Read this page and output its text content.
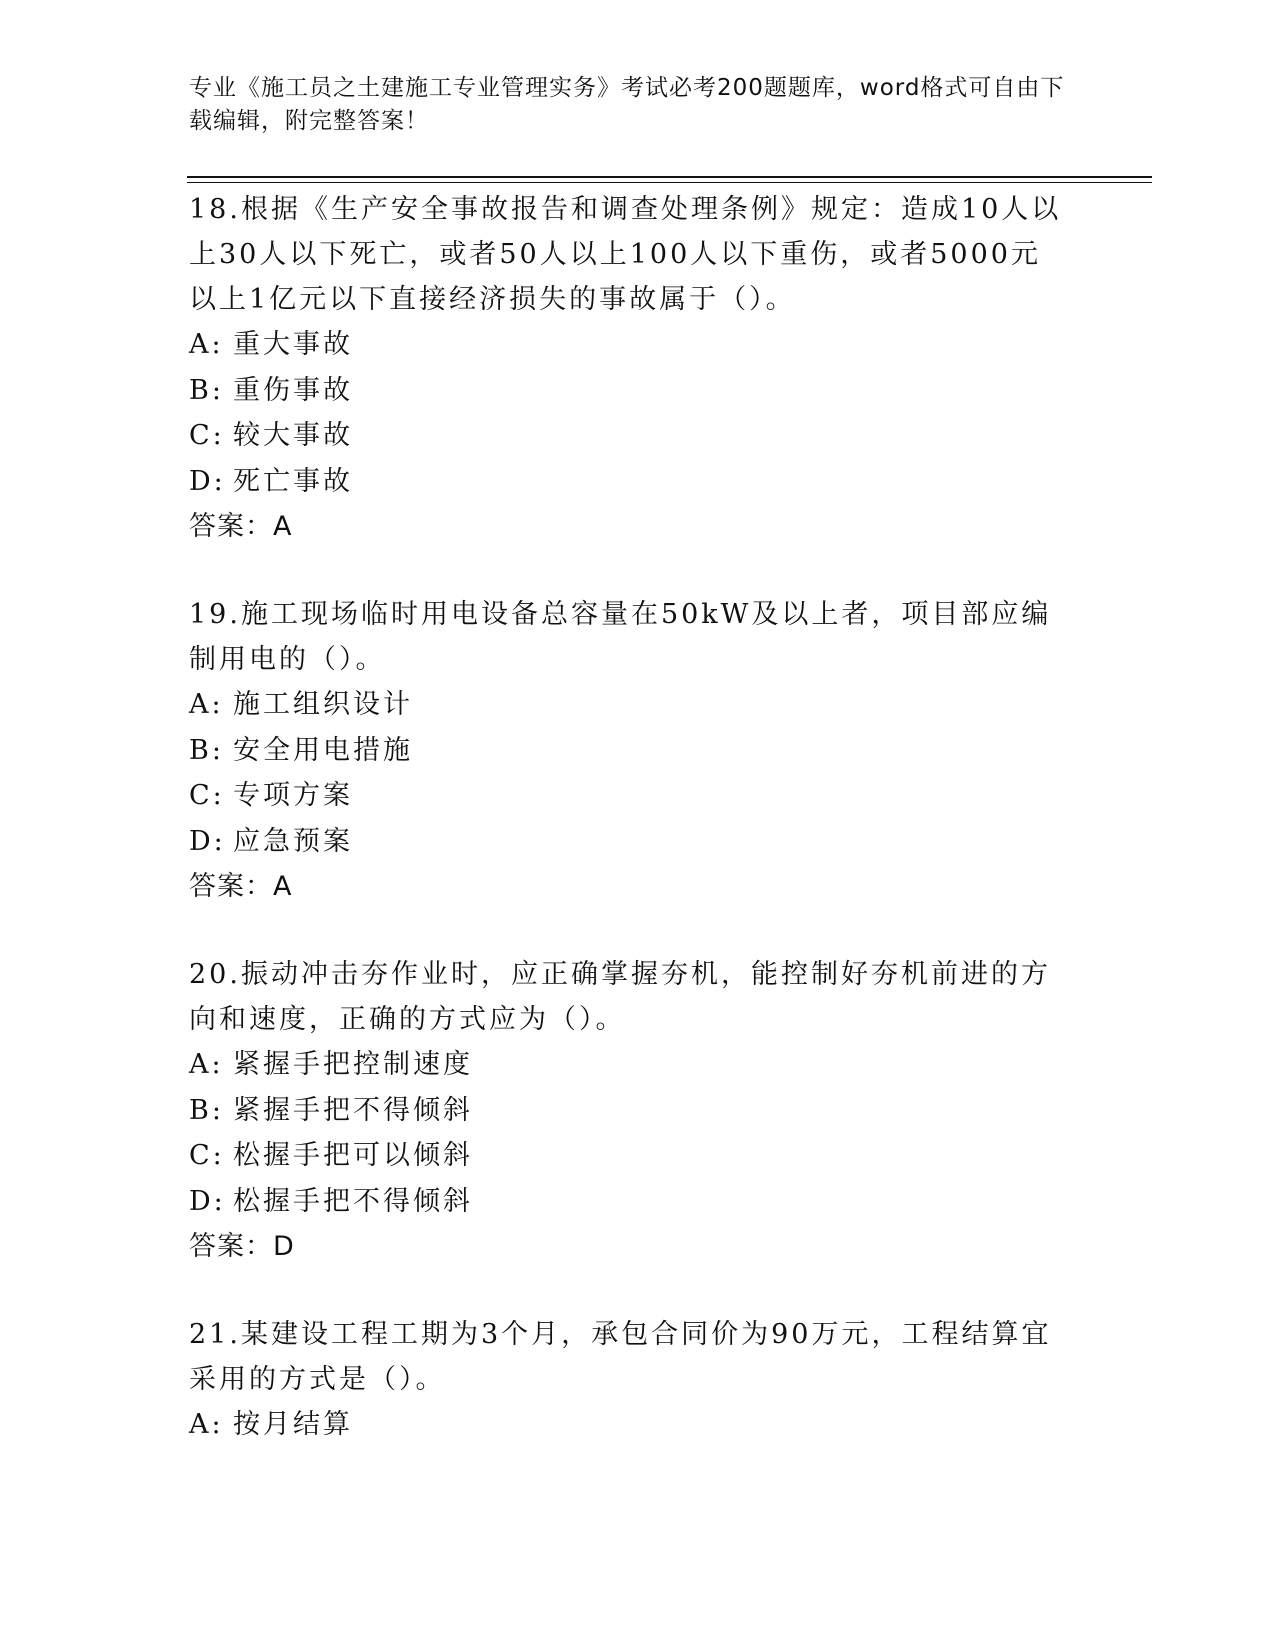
专业《施工员之土建施工专业管理实务》考试必考200题题库，word格式可自由下载编辑，附完整答案！
18.根据《生产安全事故报告和调查处理条例》规定：造成10人以上30人以下死亡，或者50人以上100人以下重伤，或者5000元以上1亿元以下直接经济损失的事故属于（）。
A: 重大事故
B: 重伤事故
C: 较大事故
D: 死亡事故
答案：A
19.施工现场临时用电设备总容量在50kW及以上者，项目部应编制用电的（）。
A: 施工组织设计
B: 安全用电措施
C: 专项方案
D: 应急预案
答案：A
20.振动冲击夯作业时，应正确掌握夯机，能控制好夯机前进的方向和速度，正确的方式应为（）。
A: 紧握手把控制速度
B: 紧握手把不得倾斜
C: 松握手把可以倾斜
D: 松握手把不得倾斜
答案：D
21.某建设工程工期为3个月，承包合同价为90万元，工程结算宜采用的方式是（）。
A: 按月结算
